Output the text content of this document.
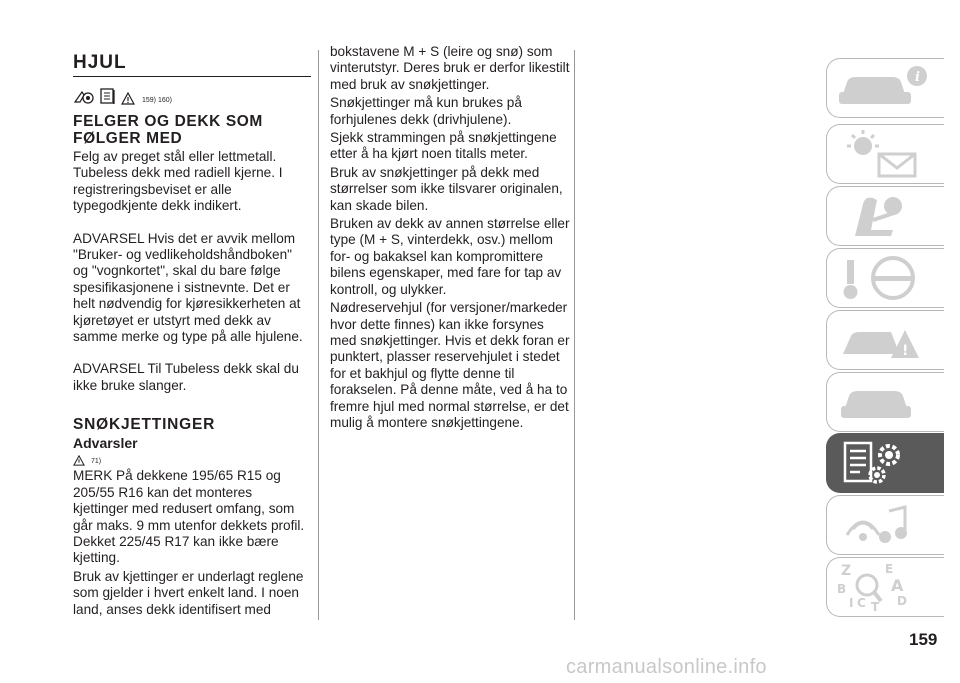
HJUL
159) 160)
FELGER OG DEKK SOM FØLGER MED

Felg av preget stål eller lettmetall. Tubeless dekk med radiell kjerne. I registreringsbeviset er alle typegodkjente dekk indikert.

ADVARSEL Hvis det er avvik mellom "Bruker- og vedlikeholdshåndboken" og "vognkortet", skal du bare følge spesifikasjonene i sistnevnte. Det er helt nødvendig for kjøresikkerheten at kjøretøyet er utstyrt med dekk av samme merke og type på alle hjulene.

ADVARSEL Til Tubeless dekk skal du ikke bruke slanger.

SNØKJETTINGER
Advarsler
71)

MERK På dekkene 195/65 R15 og 205/55 R16 kan det monteres kjettinger med redusert omfang, som går maks. 9 mm utenfor dekkets profil. Dekket 225/45 R17 kan ikke bære kjetting.

Bruk av kjettinger er underlagt reglene som gjelder i hvert enkelt land. I noen land, anses dekk identifisert med

bokstavene M + S (leire og snø) som vinterutstyr. Deres bruk er derfor likestilt med bruk av snøkjettinger.

Snøkjettinger må kun brukes på forhjulenes dekk (drivhjulene).

Sjekk strammingen på snøkjettingene etter å ha kjørt noen titalls meter.

Bruk av snøkjettinger på dekk med størrelser som ikke tilsvarer originalen, kan skade bilen.

Bruken av dekk av annen størrelse eller type (M + S, vinterdekk, osv.) mellom for- og bakaksel kan kompromittere bilens egenskaper, med fare for tap av kontroll, og ulykker.

Nødreservehjul (for versjoner/markeder hvor dette finnes) kan ikke forsynes med snøkjettinger. Hvis et dekk foran er punktert, plasser reservehjulet i stedet for et bakhjul og flytte denne til forakselen. På denne måte, ved å ha to fremre hjul med normal størrelse, er det mulig å montere snøkjettingene.

i
!
Z	E
B	A
I C T D
159
carmanualsonline.info
